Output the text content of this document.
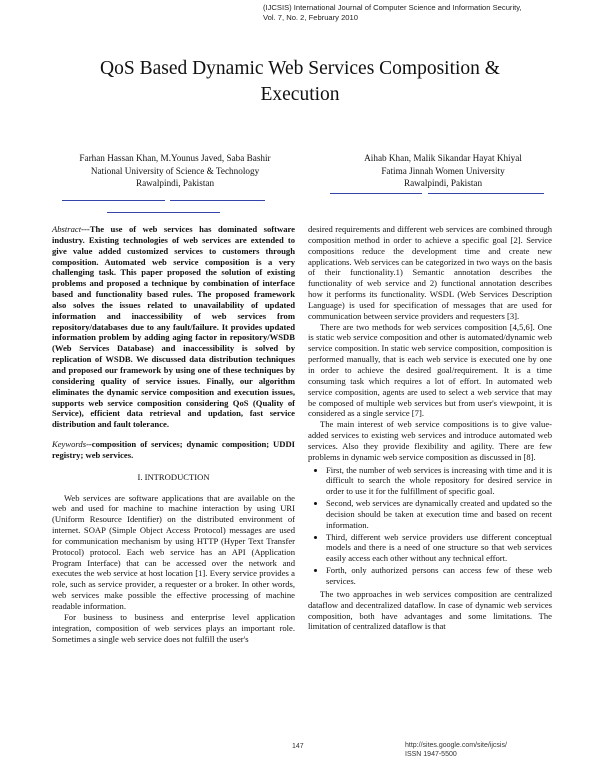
(IJCSIS) International Journal of Computer Science and Information Security,
Vol. 7, No. 2, February 2010
QoS Based Dynamic Web Services Composition &
Execution
Farhan Hassan Khan, M.Younus Javed, Saba Bashir
National University of Science & Technology
Rawalpindi, Pakistan
Aihab Khan, Malik Sikandar Hayat Khiyal
Fatima Jinnah Women University
Rawalpindi, Pakistan

Abstract---The use of web services has dominated software industry. Existing technologies of web services are extended to give value added customized services to customers through composition. Automated web service composition is a very challenging task. This paper proposed the solution of existing problems and proposed a technique by combination of interface based and functionality based rules. The proposed framework also solves the issues related to unavailability of updated information and inaccessibility of web services from repository/databases due to any fault/failure. It provides updated information problem by adding aging factor in repository/WSDB (Web Services Database) and inaccessibility is solved by replication of WSDB. We discussed data distribution techniques and proposed our framework by using one of these techniques by considering quality of service issues. Finally, our algorithm eliminates the dynamic service composition and execution issues, supports web service composition considering QoS (Quality of Service), efficient data retrieval and updation, fast service distribution and fault tolerance.

Keywords--composition of services; dynamic composition; UDDI registry; web services.

I. INTRODUCTION

Web services are software applications that are available on the web and used for machine to machine interaction by using URI (Uniform Resource Identifier) on the distributed environment of internet. SOAP (Simple Object Access Protocol) messages are used for communication mechanism by using HTTP (Hyper Text Transfer Protocol) protocol. Each web service has an API (Application Program Interface) that can be accessed over the network and executes the web service at host location [1]. Every service provides a role, such as service provider, a requester or a broker. In other words, web services make possible the effective processing of machine readable information.

For business to business and enterprise level application integration, composition of web services plays an important role. Sometimes a single web service does not fulfill the user's

desired requirements and different web services are combined through composition method in order to achieve a specific goal [2]. Service compositions reduce the development time and create new applications. Web services can be categorized in two ways on the basis of their functionality.1) Semantic annotation describes the functionality of web service and 2) functional annotation describes how it performs its functionality. WSDL (Web Services Description Language) is used for specification of messages that are used for communication between service providers and requesters [3].

There are two methods for web services composition [4,5,6]. One is static web service composition and other is automated/dynamic web service composition. In static web service composition, composition is performed manually, that is each web service is executed one by one in order to achieve the desired goal/requirement. It is a time consuming task which requires a lot of effort. In automated web service composition, agents are used to select a web service that may be composed of multiple web services but from user's viewpoint, it is considered as a single service [7].

The main interest of web service compositions is to give value-added services to existing web services and introduce automated web services. Also they provide flexibility and agility. There are few problems in dynamic web service composition as discussed in [8].

• First, the number of web services is increasing with time and it is difficult to search the whole repository for desired service in order to use it for the fulfillment of specific goal.
• Second, web services are dynamically created and updated so the decision should be taken at execution time and based on recent information.
• Third, different web service providers use different conceptual models and there is a need of one structure so that web services easily access each other without any technical effort.
• Forth, only authorized persons can access few of these web services.

The two approaches in web services composition are centralized dataflow and decentralized dataflow. In case of dynamic web services composition, both have advantages and some limitations. The limitation of centralized dataflow is that

147	http://sites.google.com/site/ijcsis/
ISSN 1947-5500
